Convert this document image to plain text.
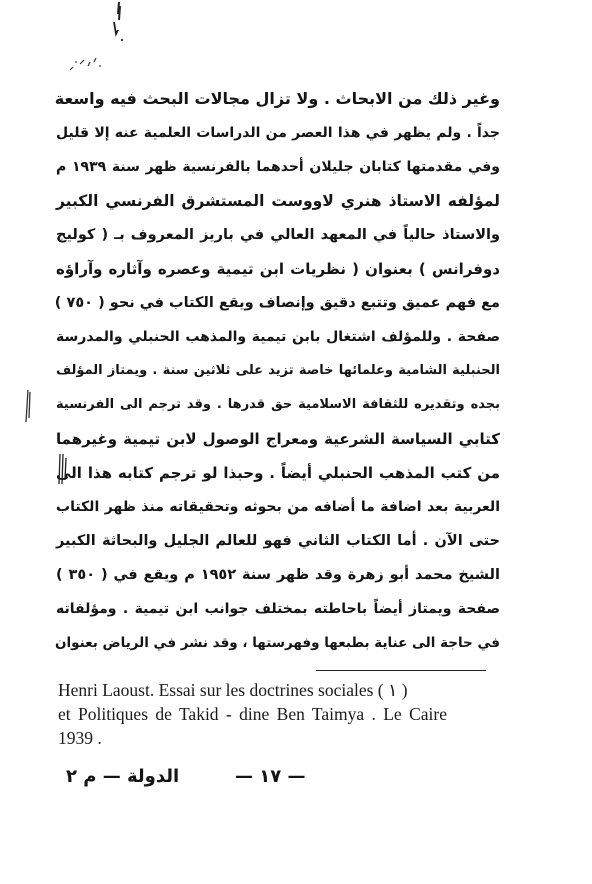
وغير ذلك من الابحاث . ولا تزال مجالات البحث فيه واسعة
جداً . ولم يظهر في هذا العصر من الدراسات العلمية عنه إلا قليل
وفي مقدمتها كتابان جليلان أحدهما بالفرنسية ظهر سنة ١٩٣٩ م
لمؤلفه الاستاذ هنري لاووست المستشرق الفرنسي الكبير
والاستاذ حالياً في المعهد العالي في باريز المعروف بـ ( كولیج
دوفرانس ) بعنوان ( نظريات ابن تيمية وعصره وآثاره وآراؤه
مع فهم عميق وتتبع دقيق وإنصاف ويقع الكتاب في نحو ( ٧٥٠ )
صفحة . وللمؤلف اشتغال بابن تيمية والمذهب الحنبلي والمدرسة
الحنبلية الشامية وعلمائها خاصة تزيد على ثلاثين سنة . ويمتاز المؤلف
بجده وتقديره للثقافة الاسلامية حق قدرها . وقد ترجم الى الفرنسية
كتابي السياسة الشرعية ومعراج الوصول لابن تيمية وغيرهما
من كتب المذهب الحنبلي أيضاً . وحبذا لو ترجم كتابه هذا الى
العربية بعد اضافة ما أضافه من بحوثه وتحقيقاته منذ ظهر الكتاب
حتى الآن . أما الكتاب الثاني فهو للعالم الجليل والبحاثة الكبير
الشيخ محمد أبو زهرة وقد ظهر سنة ١٩٥٢ م ويقع في ( ٣٥٠ )
صفحة ويمتاز أيضاً باحاطته بمختلف جوانب ابن تيمية . ومؤلفاته
في حاجة الى عناية بطبعها وفهرستها ، وقد نشر في الرياض بعنوان
Henri Laoust. Essai sur les doctrines sociales ( ١ )
et Politiques de Takid - dine Ben Taimya . Le Caire
1939 .
— ١٧ —
الدولة — م ٢
